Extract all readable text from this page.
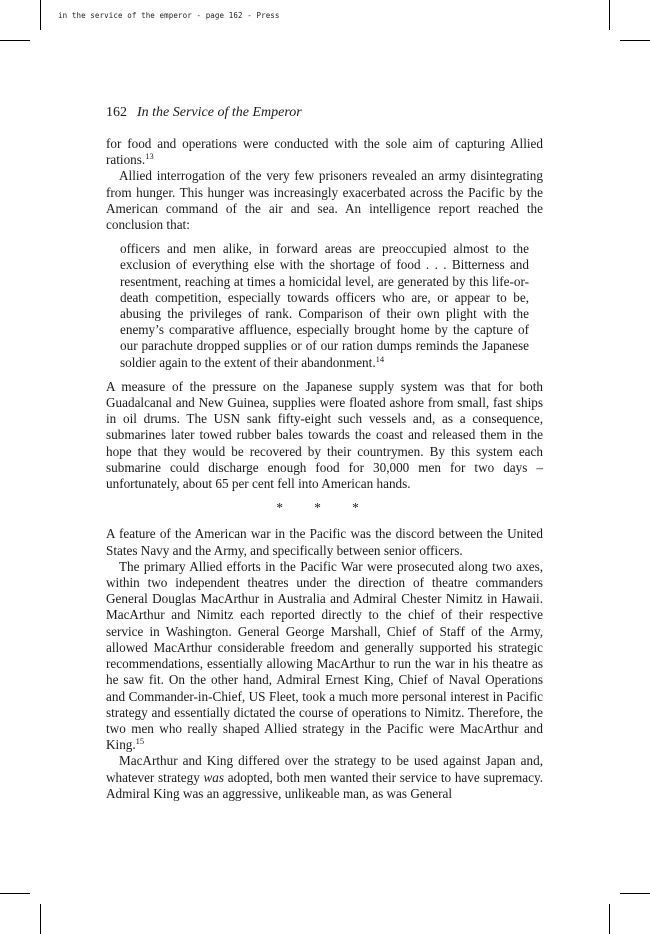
in the service of the emperor - page 162 - Press
162 In the Service of the Emperor

for food and operations were conducted with the sole aim of capturing Allied rations.$^{13}$

Allied interrogation of the very few prisoners revealed an army disintegrating from hunger. This hunger was increasingly exacerbated across the Pacific by the American command of the air and sea. An intelligence report reached the conclusion that:

officers and men alike, in forward areas are preoccupied almost to the exclusion of everything else with the shortage of food . . . Bitterness and resentment, reaching at times a homicidal level, are generated by this life-or-death competition, especially towards officers who are, or appear to be, abusing the privileges of rank. Comparison of their own plight with the enemy’s comparative affluence, especially brought home by the capture of our parachute dropped supplies or of our ration dumps reminds the Japanese soldier again to the extent of their abandonment.$^{14}$

A measure of the pressure on the Japanese supply system was that for both Guadalcanal and New Guinea, supplies were floated ashore from small, fast ships in oil drums. The USN sank fifty-eight such vessels and, as a consequence, submarines later towed rubber bales towards the coast and released them in the hope that they would be recovered by their countrymen. By this system each submarine could discharge enough food for 30,000 men for two days – unfortunately, about 65 per cent fell into American hands.

* * *

A feature of the American war in the Pacific was the discord between the United States Navy and the Army, and specifically between senior officers.

The primary Allied efforts in the Pacific War were prosecuted along two axes, within two independent theatres under the direction of theatre commanders General Douglas MacArthur in Australia and Admiral Chester Nimitz in Hawaii. MacArthur and Nimitz each reported directly to the chief of their respective service in Washington. General George Marshall, Chief of Staff of the Army, allowed MacArthur considerable freedom and generally supported his strategic recommendations, essentially allowing MacArthur to run the war in his theatre as he saw fit. On the other hand, Admiral Ernest King, Chief of Naval Operations and Commander-in-Chief, US Fleet, took a much more personal interest in Pacific strategy and essentially dictated the course of operations to Nimitz. Therefore, the two men who really shaped Allied strategy in the Pacific were MacArthur and King.$^{15}$

MacArthur and King differed over the strategy to be used against Japan and, whatever strategy was adopted, both men wanted their service to have supremacy. Admiral King was an aggressive, unlikeable man, as was General
